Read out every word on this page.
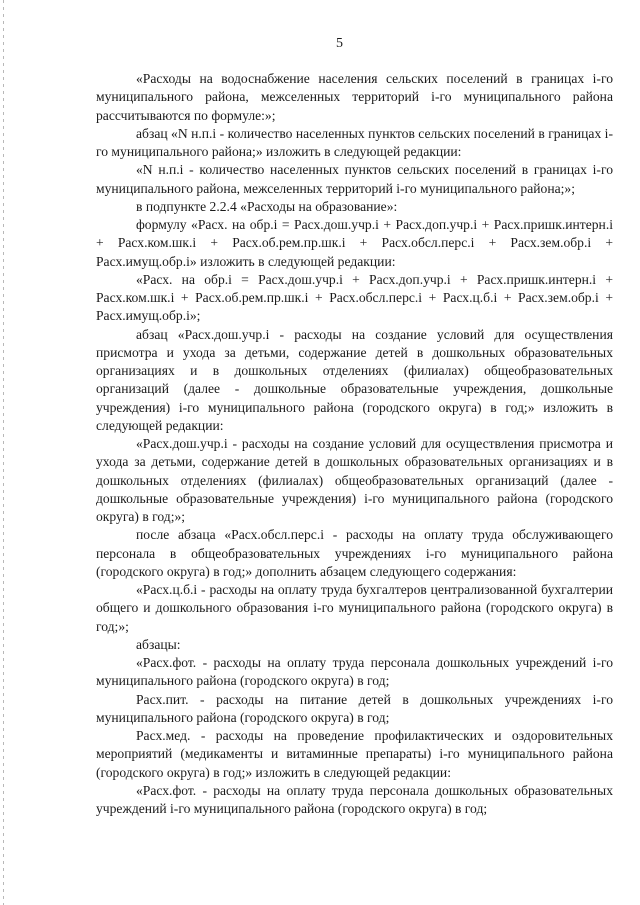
5

«Расходы на водоснабжение населения сельских поселений в границах i-го муниципального района, межселенных территорий i-го муниципального района рассчитываются по формуле:»;

абзац «N н.п.i - количество населенных пунктов сельских поселений в границах i-го муниципального района;» изложить в следующей редакции:

«N н.п.i - количество населенных пунктов сельских поселений в границах i-го муниципального района, межселенных территорий i-го муниципального района;»;

в подпункте 2.2.4 «Расходы на образование»:

формулу «Расх. на обр.i = Расх.дош.учр.i + Расх.доп.учр.i + Расх.пришк.интерн.i + Расх.ком.шк.i + Расх.об.рем.пр.шк.i + Расх.обсл.перс.i + Расх.зем.обр.i + Расх.имущ.обр.i» изложить в следующей редакции:

«Расх. на обр.i = Расх.дош.учр.i + Расх.доп.учр.i + Расх.пришк.интерн.i + Расх.ком.шк.i + Расх.об.рем.пр.шк.i + Расх.обсл.перс.i + Расх.ц.б.i + Расх.зем.обр.i + Расх.имущ.обр.i»;

абзац «Расх.дош.учр.i - расходы на создание условий для осуществления присмотра и ухода за детьми, содержание детей в дошкольных образовательных организациях и в дошкольных отделениях (филиалах) общеобразовательных организаций (далее - дошкольные образовательные учреждения, дошкольные учреждения) i-го муниципального района (городского округа) в год;» изложить в следующей редакции:

«Расх.дош.учр.i - расходы на создание условий для осуществления присмотра и ухода за детьми, содержание детей в дошкольных образовательных организациях и в дошкольных отделениях (филиалах) общеобразовательных организаций (далее - дошкольные образовательные учреждения) i-го муниципального района (городского округа) в год;»;

после абзаца «Расх.обсл.перс.i - расходы на оплату труда обслуживающего персонала в общеобразовательных учреждениях i-го муниципального района (городского округа) в год;» дополнить абзацем следующего содержания:

«Расх.ц.б.i - расходы на оплату труда бухгалтеров централизованной бухгалтерии общего и дошкольного образования i-го муниципального района (городского округа) в год;»;

абзацы:

«Расх.фот. - расходы на оплату труда персонала дошкольных учреждений i-го муниципального района (городского округа) в год;

Расх.пит. - расходы на питание детей в дошкольных учреждениях i-го муниципального района (городского округа) в год;

Расх.мед. - расходы на проведение профилактических и оздоровительных мероприятий (медикаменты и витаминные препараты) i-го муниципального района (городского округа) в год;» изложить в следующей редакции:

«Расх.фот. - расходы на оплату труда персонала дошкольных образовательных учреждений i-го муниципального района (городского округа) в год;
